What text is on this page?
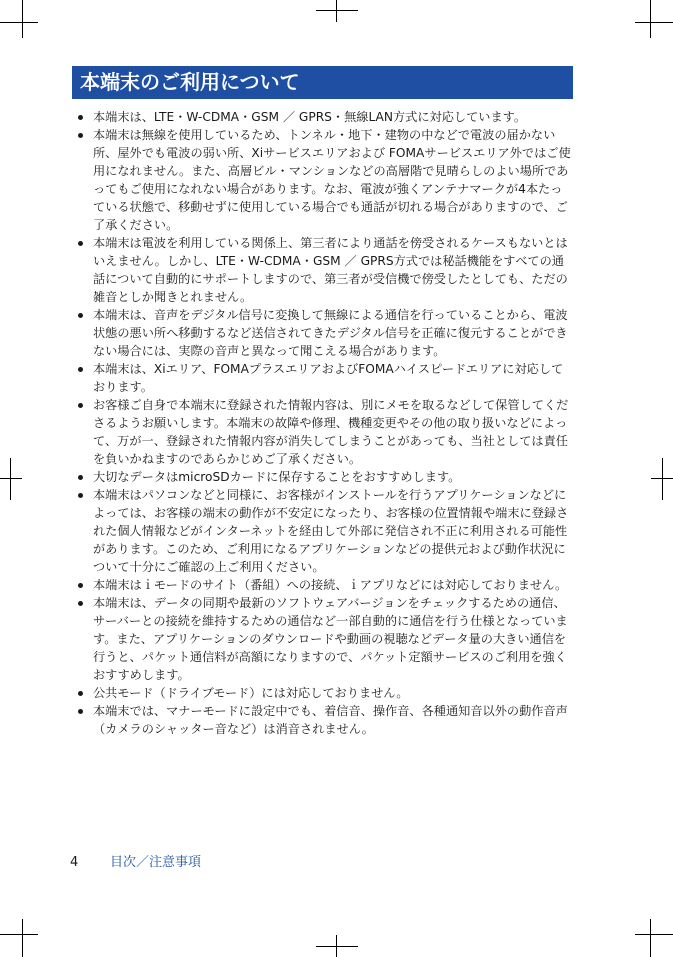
本端末のご利用について
本端末は、LTE・W-CDMA・GSM ／ GPRS・無線LAN方式に対応しています。
本端末は無線を使用しているため、トンネル・地下・建物の中などで電波の届かない所、屋外でも電波の弱い所、Xiサービスエリアおよび FOMAサービスエリア外ではご使用になれません。また、高層ビル・マンションなどの高層階で見晴らしのよい場所であってもご使用になれない場合があります。なお、電波が強くアンテナマークが4本たっている状態で、移動せずに使用している場合でも通話が切れる場合がありますので、ご了承ください。
本端末は電波を利用している関係上、第三者により通話を傍受されるケースもないとはいえません。しかし、LTE・W-CDMA・GSM ／ GPRS方式では秘話機能をすべての通話について自動的にサポートしますので、第三者が受信機で傍受したとしても、ただの雑音としか聞きとれません。
本端末は、音声をデジタル信号に変換して無線による通信を行っていることから、電波状態の悪い所へ移動するなど送信されてきたデジタル信号を正確に復元することができない場合には、実際の音声と異なって聞こえる場合があります。
本端末は、Xiエリア、FOMAプラスエリアおよびFOMAハイスピードエリアに対応しております。
お客様ご自身で本端末に登録された情報内容は、別にメモを取るなどして保管してくださるようお願いします。本端末の故障や修理、機種変更やその他の取り扱いなどによって、万が一、登録された情報内容が消失してしまうことがあっても、当社としては責任を負いかねますのであらかじめご了承ください。
大切なデータはmicroSDカードに保存することをおすすめします。
本端末はパソコンなどと同様に、お客様がインストールを行うアプリケーションなどによっては、お客様の端末の動作が不安定になったり、お客様の位置情報や端末に登録された個人情報などがインターネットを経由して外部に発信され不正に利用される可能性があります。このため、ご利用になるアプリケーションなどの提供元および動作状況について十分にご確認の上ご利用ください。
本端末はｉモードのサイト（番組）への接続、ｉアプリなどには対応しておりません。
本端末は、データの同期や最新のソフトウェアバージョンをチェックするための通信、サーバーとの接続を維持するための通信など一部自動的に通信を行う仕様となっています。また、アプリケーションのダウンロードや動画の視聴などデータ量の大きい通信を行うと、パケット通信料が高額になりますので、パケット定額サービスのご利用を強くおすすめします。
公共モード（ドライブモード）には対応しておりません。
本端末では、マナーモードに設定中でも、着信音、操作音、各種通知音以外の動作音声（カメラのシャッター音など）は消音されません。
4 目次／注意事項
